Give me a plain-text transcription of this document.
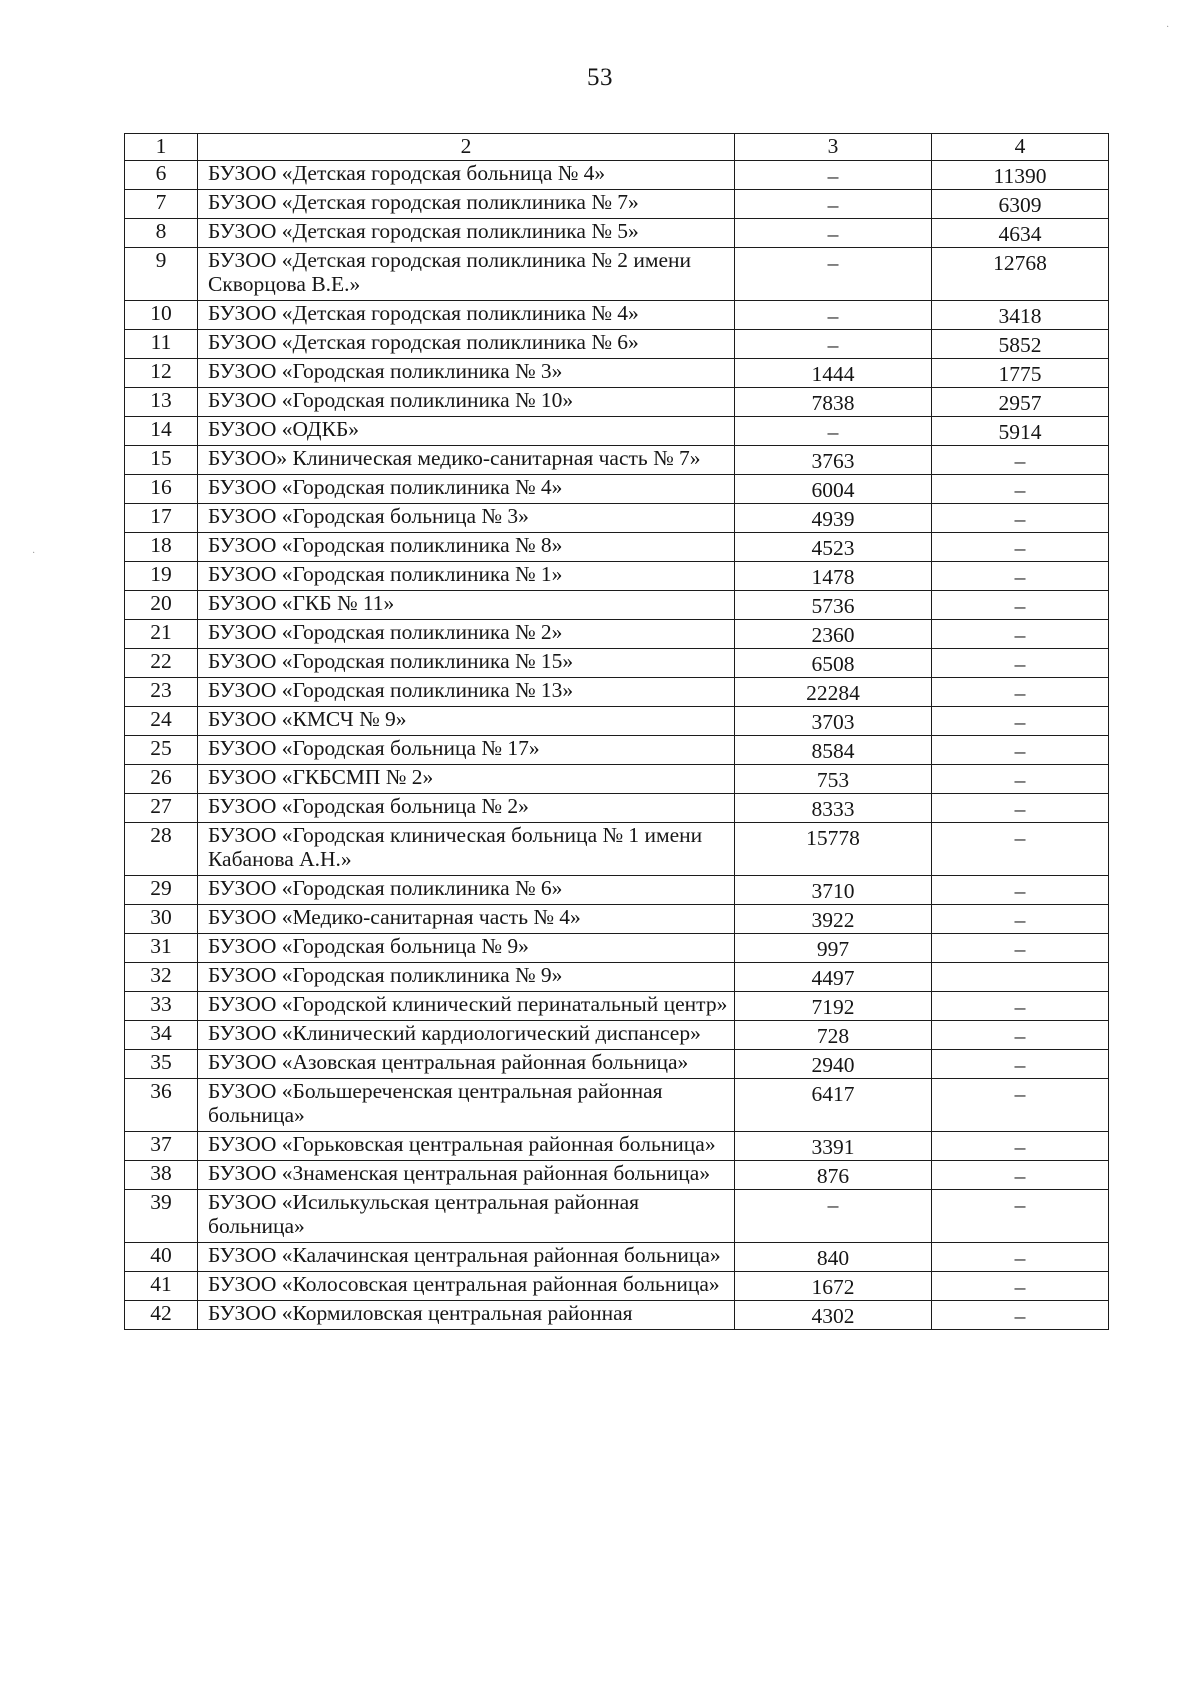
53
1	2	3	4
6	БУЗОО «Детская городская больница № 4»	–	11390
7	БУЗОО «Детская городская поликлиника № 7»	–	6309
8	БУЗОО «Детская городская поликлиника № 5»	–	4634
9	БУЗОО «Детская городская поликлиника № 2 имени Скворцова В.Е.»	–	12768
10	БУЗОО «Детская городская поликлиника № 4»	–	3418
11	БУЗОО «Детская городская поликлиника № 6»	–	5852
12	БУЗОО «Городская поликлиника № 3»	1444	1775
13	БУЗОО «Городская поликлиника № 10»	7838	2957
14	БУЗОО «ОДКБ»	–	5914
15	БУЗОО» Клиническая медико-санитарная часть № 7»	3763	–
16	БУЗОО «Городская поликлиника № 4»	6004	–
17	БУЗОО «Городская больница № 3»	4939	–
18	БУЗОО «Городская поликлиника № 8»	4523	–
19	БУЗОО «Городская поликлиника № 1»	1478	–
20	БУЗОО «ГКБ № 11»	5736	–
21	БУЗОО «Городская поликлиника № 2»	2360	–
22	БУЗОО «Городская поликлиника № 15»	6508	–
23	БУЗОО «Городская поликлиника № 13»	22284	–
24	БУЗОО «КМСЧ № 9»	3703	–
25	БУЗОО «Городская больница № 17»	8584	–
26	БУЗОО «ГКБСМП № 2»	753	–
27	БУЗОО «Городская больница № 2»	8333	–
28	БУЗОО «Городская клиническая больница № 1 имени Кабанова А.Н.»	15778	–
29	БУЗОО «Городская поликлиника № 6»	3710	–
30	БУЗОО «Медико-санитарная часть № 4»	3922	–
31	БУЗОО «Городская больница № 9»	997	–
32	БУЗОО «Городская поликлиника № 9»	4497	
33	БУЗОО «Городской клинический перинатальный центр»	7192	–
34	БУЗОО «Клинический кардиологический диспансер»	728	–
35	БУЗОО «Азовская центральная районная больница»	2940	–
36	БУЗОО «Большереченская центральная районная больница»	6417	–
37	БУЗОО «Горьковская центральная районная больница»	3391	–
38	БУЗОО «Знаменская центральная районная больница»	876	–
39	БУЗОО «Исилькульская центральная районная больница»	–	–
40	БУЗОО «Калачинская центральная районная больница»	840	–
41	БУЗОО «Колосовская центральная районная больница»	1672	–
42	БУЗОО «Кормиловская центральная районная	4302	–
·
·
